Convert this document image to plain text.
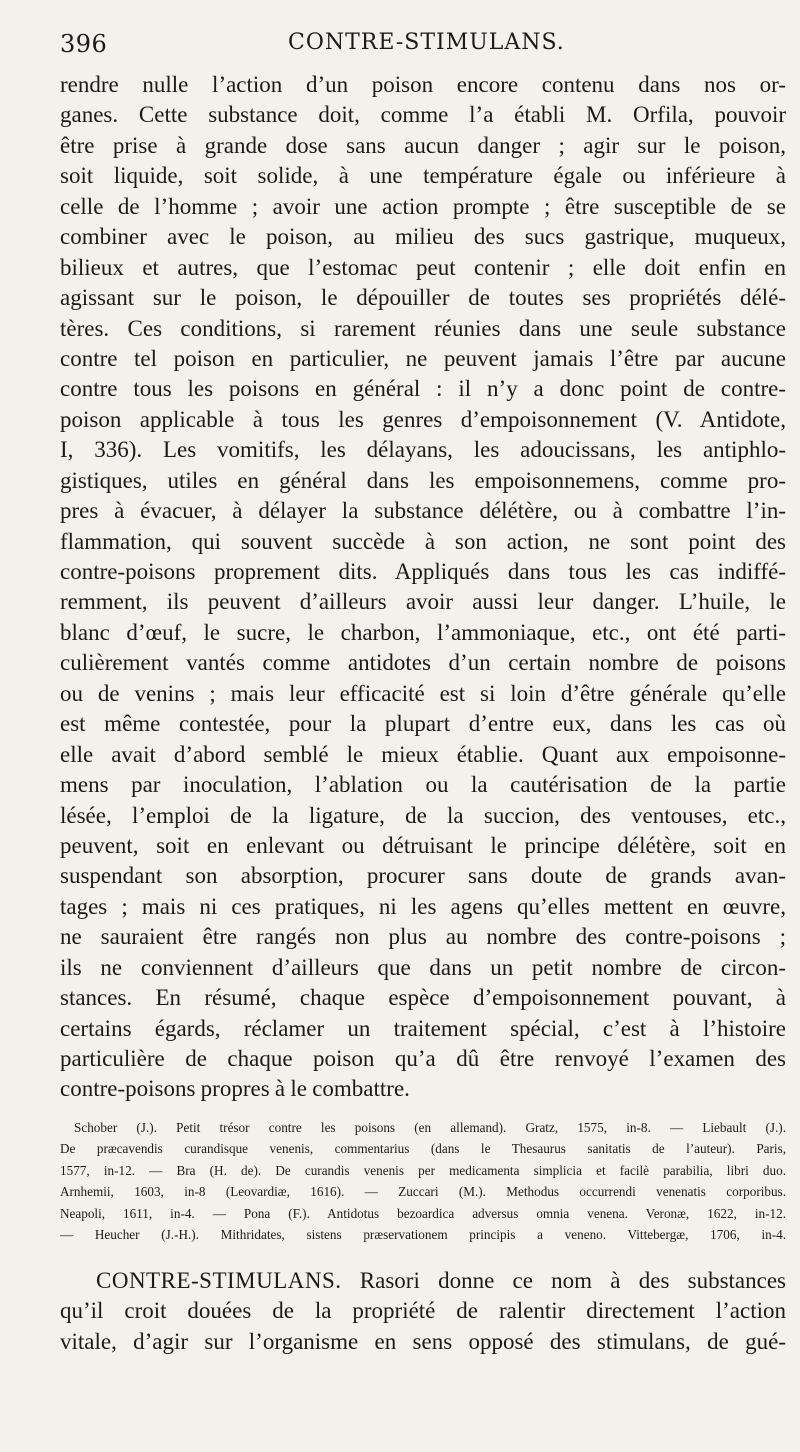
396	CONTRE-STIMULANS.
rendre nulle l’action d’un poison encore contenu dans nos or-
ganes. Cette substance doit, comme l’a établi M. Orfila, pouvoir
être prise à grande dose sans aucun danger ; agir sur le poison,
soit liquide, soit solide, à une température égale ou inférieure à
celle de l’homme ; avoir une action prompte ; être susceptible de se
combiner avec le poison, au milieu des sucs gastrique, muqueux,
bilieux et autres, que l’estomac peut contenir ; elle doit enfin en
agissant sur le poison, le dépouiller de toutes ses propriétés délé-
tères. Ces conditions, si rarement réunies dans une seule substance
contre tel poison en particulier, ne peuvent jamais l’être par aucune
contre tous les poisons en général : il n’y a donc point de contre-
poison applicable à tous les genres d’empoisonnement (V. Antidote,
I, 336). Les vomitifs, les délayans, les adoucissans, les antiphlo-
gistiques, utiles en général dans les empoisonnemens, comme pro-
pres à évacuer, à délayer la substance délétère, ou à combattre l’in-
flammation, qui souvent succède à son action, ne sont point des
contre-poisons proprement dits. Appliqués dans tous les cas indiffé-
remment, ils peuvent d’ailleurs avoir aussi leur danger. L’huile, le
blanc d’œuf, le sucre, le charbon, l’ammoniaque, etc., ont été parti-
culièrement vantés comme antidotes d’un certain nombre de poisons
ou de venins ; mais leur efficacité est si loin d’être générale qu’elle
est même contestée, pour la plupart d’entre eux, dans les cas où
elle avait d’abord semblé le mieux établie. Quant aux empoisonne-
mens par inoculation, l’ablation ou la cautérisation de la partie
lésée, l’emploi de la ligature, de la succion, des ventouses, etc.,
peuvent, soit en enlevant ou détruisant le principe délétère, soit en
suspendant son absorption, procurer sans doute de grands avan-
tages ; mais ni ces pratiques, ni les agens qu’elles mettent en œuvre,
ne sauraient être rangés non plus au nombre des contre-poisons ;
ils ne conviennent d’ailleurs que dans un petit nombre de circon-
stances. En résumé, chaque espèce d’empoisonnement pouvant, à
certains égards, réclamer un traitement spécial, c’est à l’histoire
particulière de chaque poison qu’a dû être renvoyé l’examen des
contre-poisons propres à le combattre.
Schober (J.). Petit trésor contre les poisons (en allemand). Gratz, 1575, in-8. — Liebault (J.).
De præcavendis curandisque venenis, commentarius (dans le Thesaurus sanitatis de l’auteur). Paris,
1577, in-12. — Bra (H. de). De curandis venenis per medicamenta simplicia et facilè parabilia, libri duo.
Arnhemii, 1603, in-8 (Leovardiæ, 1616). — Zuccari (M.). Methodus occurrendi venenatis corporibus.
Neapoli, 1611, in-4. — Pona (F.). Antidotus bezoardica adversus omnia venena. Veronæ, 1622, in-12.
— Heucher (J.-H.). Mithridates, sistens præservationem principis a veneno. Vittebergæ, 1706, in-4.
CONTRE-STIMULANS. Rasori donne ce nom à des substances
qu’il croit douées de la propriété de ralentir directement l’action
vitale, d’agir sur l’organisme en sens opposé des stimulans, de gué-
